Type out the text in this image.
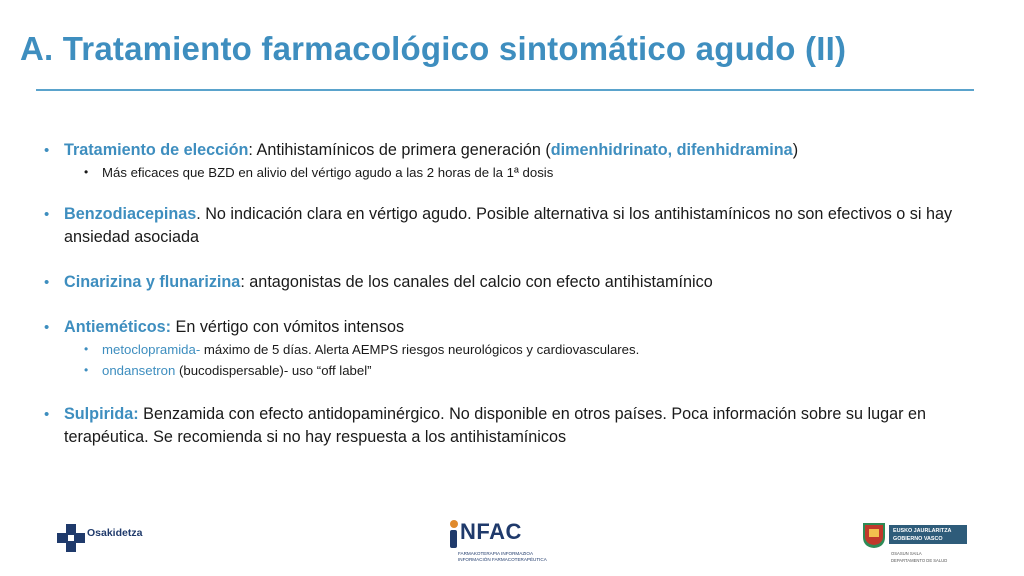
A. Tratamiento farmacológico sintomático agudo (II)
• Tratamiento de elección: Antihistamínicos de primera generación (dimenhidrinato, difenhidramina)
• Más eficaces que BZD en alivio del vértigo agudo a las 2 horas de la 1ª dosis
• Benzodiacepinas. No indicación clara en vértigo agudo. Posible alternativa si los antihistamínicos no son efectivos o si hay ansiedad asociada
• Cinarizina y flunarizina: antagonistas de los canales del calcio con efecto antihistamínico
• Antieméticos: En vértigo con vómitos intensos
• metoclopramida- máximo de 5 días. Alerta AEMPS riesgos neurológicos y cardiovasculares.
• ondansetron (bucodispersable)- uso “off label”
• Sulpirida: Benzamida con efecto antidopaminérgico. No disponible en otros países. Poca información sobre su lugar en terapéutica. Se recomienda si no hay respuesta a los antihistamínicos
Osakidetza	NFAC
FARMAKOTERAPIA INFORMAZIOA
INFORMACIÓN FARMACOTERAPÉUTICA
EUSKO JAURLARITZA
GOBIERNO VASCO
OSASUN SAILA
DEPARTAMENTO DE SALUD
